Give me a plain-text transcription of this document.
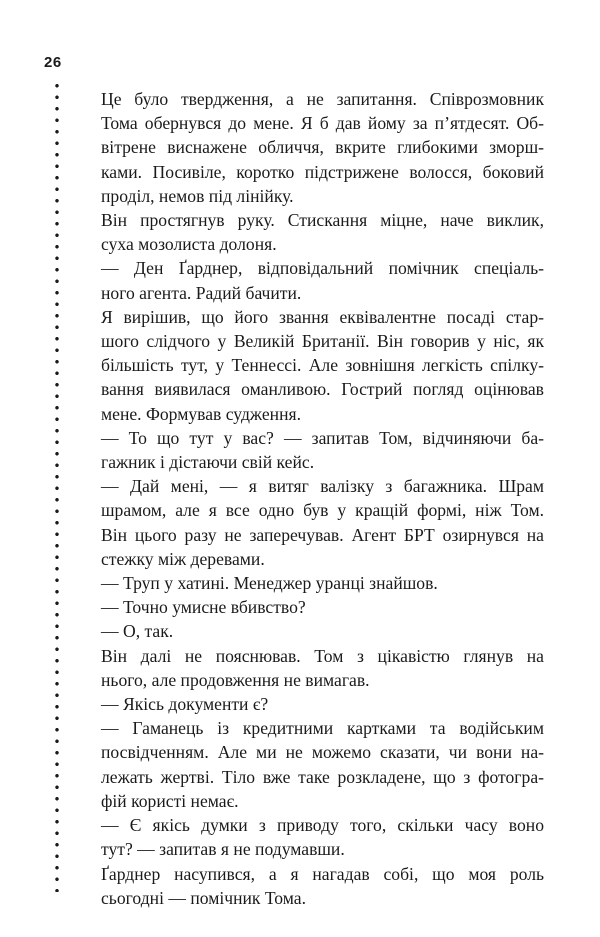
26

Це було твердження, а не запитання. Співрозмовник
Тома обернувся до мене. Я б дав йому за п’ятдесят. Об-
вітрене виснажене обличчя, вкрите глибокими зморш-
ками. Посивіле, коротко підстрижене волосся, боковий
проділ, немов під лінійку.

Він простягнув руку. Стискання міцне, наче виклик,
суха мозолиста долоня.

— Ден Ґарднер, відповідальний помічник спеціаль-
ного агента. Радий бачити.

Я вирішив, що його звання еквівалентне посаді стар-
шого слідчого у Великій Британії. Він говорив у ніс, як
більшість тут, у Теннессі. Але зовнішня легкість спілку-
вання виявилася оманливою. Гострий погляд оцінював
мене. Формував судження.

— То що тут у вас? — запитав Том, відчиняючи ба-
гажник і дістаючи свій кейс.

— Дай мені, — я витяг валізку з багажника. Шрам
шрамом, але я все одно був у кращій формі, ніж Том.
Він цього разу не заперечував. Агент БРТ озирнувся на
стежку між деревами.

— Труп у хатині. Менеджер уранці знайшов.

— Точно умисне вбивство?

— О, так.

Він далі не пояснював. Том з цікавістю глянув на
нього, але продовження не вимагав.

— Якісь документи є?

— Гаманець із кредитними картками та водійським
посвідченням. Але ми не можемо сказати, чи вони на-
лежать жертві. Тіло вже таке розкладене, що з фотогра-
фій користі немає.

— Є якісь думки з приводу того, скільки часу воно
тут? — запитав я не подумавши.

Ґарднер насупився, а я нагадав собі, що моя роль
сьогодні — помічник Тома.
